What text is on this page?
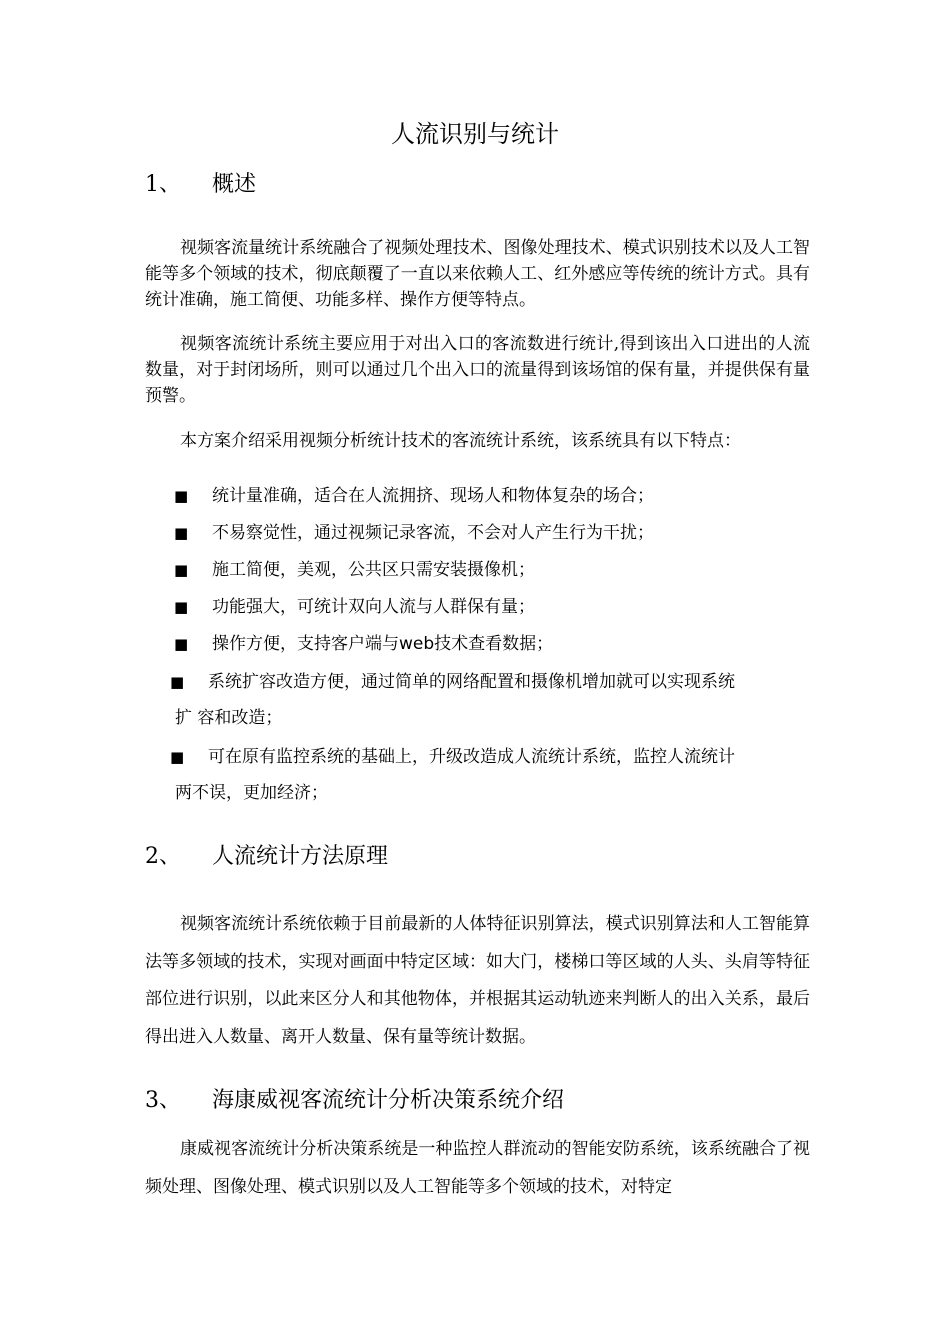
人流识别与统计
1、 概述

视频客流量统计系统融合了视频处理技术、图像处理技术、模式识别技术以及人工智能等多个领域的技术，彻底颠覆了一直以来依赖人工、红外感应等传统的统计方式。具有统计准确，施工简便、功能多样、操作方便等特点。

视频客流统计系统主要应用于对出入口的客流数进行统计,得到该出入口进出的人流数量，对于封闭场所，则可以通过几个出入口的流量得到该场馆的保有量，并提供保有量预警。

本方案介绍采用视频分析统计技术的客流统计系统，该系统具有以下特点：

■ 统计量准确，适合在人流拥挤、现场人和物体复杂的场合；
■ 不易察觉性，通过视频记录客流，不会对人产生行为干扰；
■ 施工简便，美观，公共区只需安装摄像机；
■ 功能强大，可统计双向人流与人群保有量；
■ 操作方便，支持客户端与web技术查看数据；
■ 系统扩容改造方便，通过简单的网络配置和摄像机增加就可以实现系统
扩 容和改造；
■ 可在原有监控系统的基础上，升级改造成人流统计系统，监控人流统计
两不误，更加经济；
2、 人流统计方法原理

视频客流统计系统依赖于目前最新的人体特征识别算法，模式识别算法和人工智能算法等多领域的技术，实现对画面中特定区域：如大门，楼梯口等区域的人头、头肩等特征部位进行识别，以此来区分人和其他物体，并根据其运动轨迹来判断人的出入关系，最后得出进入人数量、离开人数量、保有量等统计数据。

3、 海康威视客流统计分析决策系统介绍

康威视客流统计分析决策系统是一种监控人群流动的智能安防系统，该系统融合了视频处理、图像处理、模式识别以及人工智能等多个领域的技术，对特定
